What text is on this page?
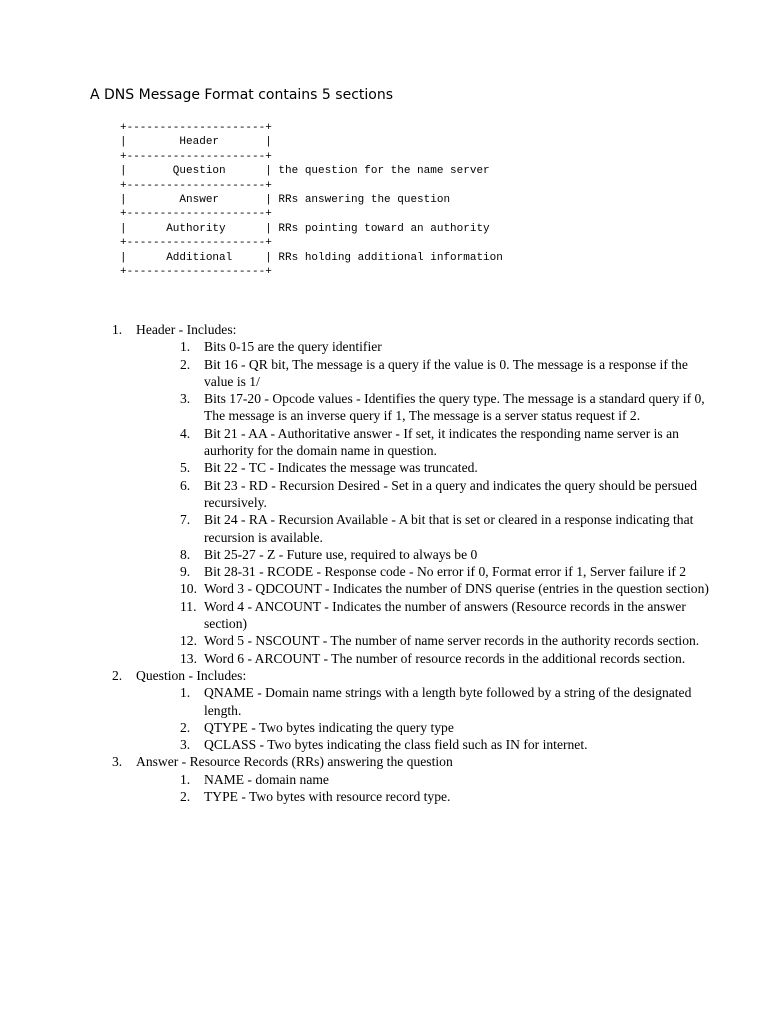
A DNS Message Format contains 5 sections
+---------------------+
|        Header       |
+---------------------+
|       Question      | the question for the name server
+---------------------+
|        Answer       | RRs answering the question
+---------------------+
|      Authority      | RRs pointing toward an authority
+---------------------+
|      Additional     | RRs holding additional information
+---------------------+
1. Header - Includes:
1. Bits 0-15 are the query identifier
2. Bit 16 - QR bit, The message is a query if the value is 0. The message is a response if the value is 1/
3. Bits 17-20 - Opcode values - Identifies the query type. The message is a standard query if 0, The message is an inverse query if 1, The message is a server status request if 2.
4. Bit 21 - AA - Authoritative answer - If set, it indicates the responding name server is an aurhority for the domain name in question.
5. Bit 22 - TC - Indicates the message was truncated.
6. Bit 23 - RD - Recursion Desired - Set in a query and indicates the query should be persued recursively.
7. Bit 24 - RA - Recursion Available - A bit that is set or cleared in a response indicating that recursion is available.
8. Bit 25-27 - Z - Future use, required to always be 0
9. Bit 28-31 - RCODE - Response code - No error if 0, Format error if 1, Server failure if 2
10. Word 3 - QDCOUNT - Indicates the number of DNS querise (entries in the question section)
11. Word 4 - ANCOUNT - Indicates the number of answers (Resource records in the answer section)
12. Word 5 - NSCOUNT - The number of name server records in the authority records section.
13. Word 6 - ARCOUNT - The number of resource records in the additional records section.
2. Question - Includes:
1. QNAME - Domain name strings with a length byte followed by a string of the designated length.
2. QTYPE - Two bytes indicating the query type
3. QCLASS - Two bytes indicating the class field such as IN for internet.
3. Answer - Resource Records (RRs) answering the question
1. NAME - domain name
2. TYPE - Two bytes with resource record type.
